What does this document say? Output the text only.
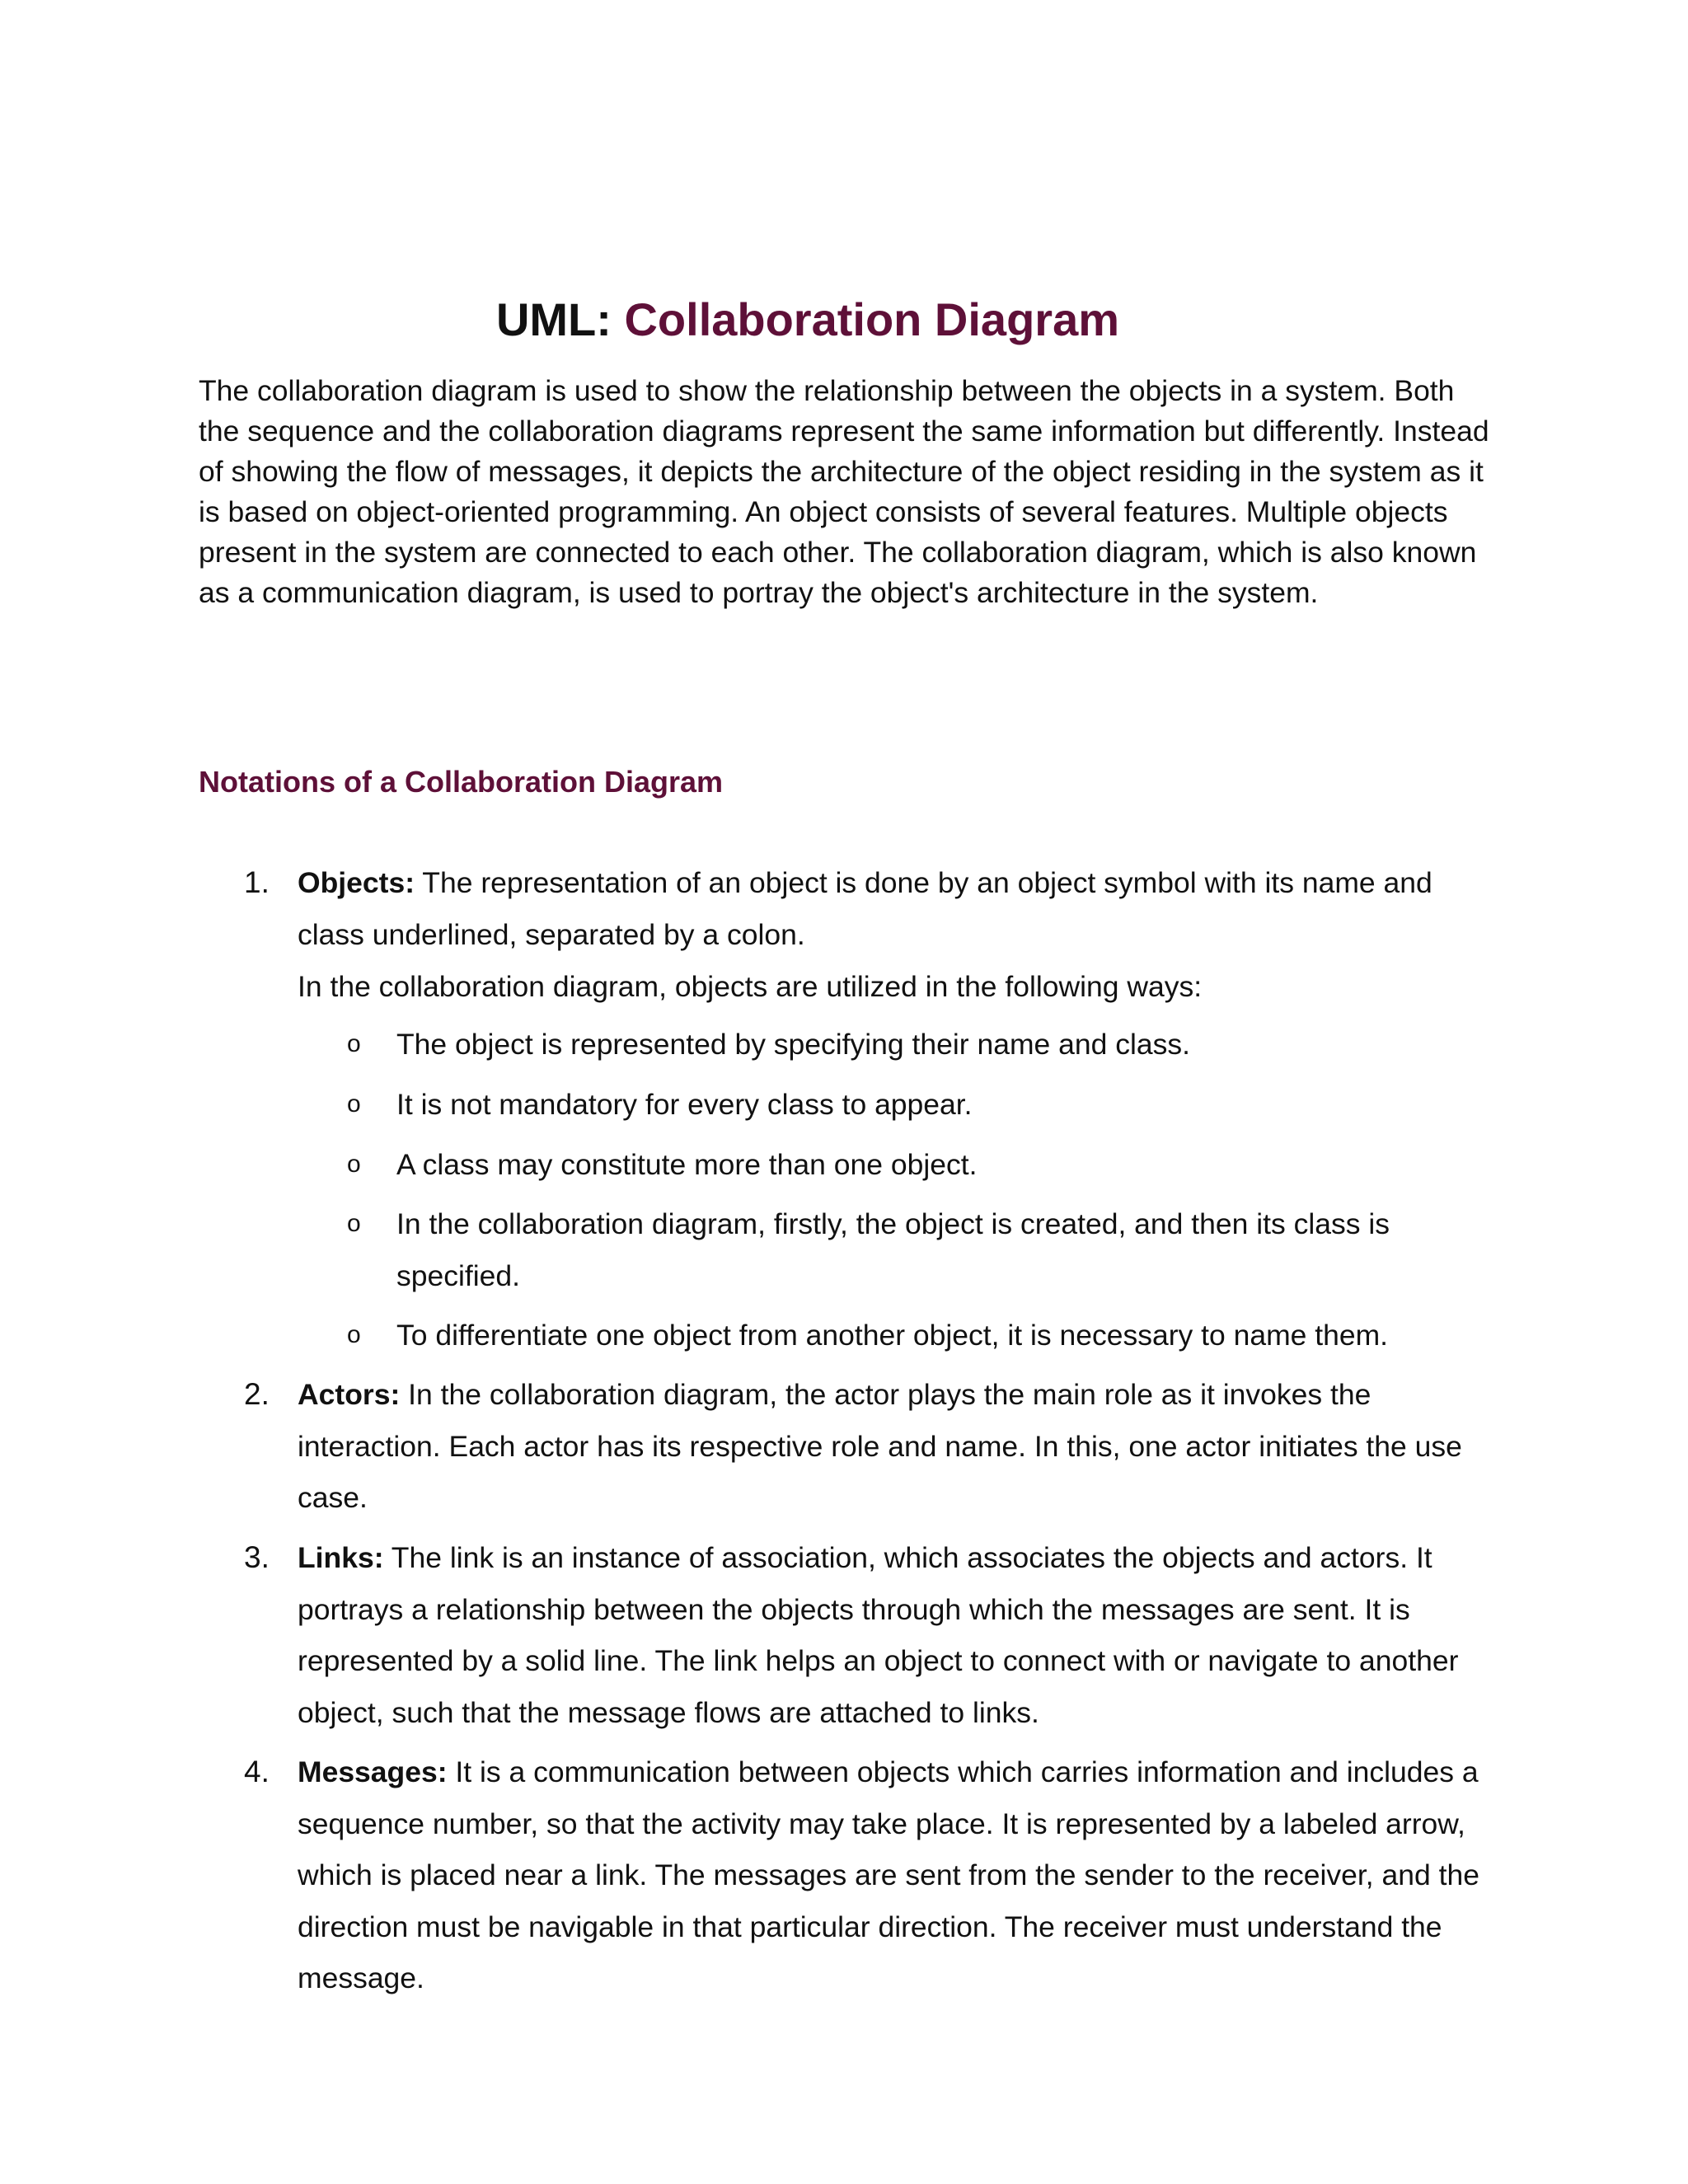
UML: Collaboration Diagram

The collaboration diagram is used to show the relationship between the objects in a system. Both the sequence and the collaboration diagrams represent the same information but differently. Instead of showing the flow of messages, it depicts the architecture of the object residing in the system as it is based on object-oriented programming. An object consists of several features. Multiple objects present in the system are connected to each other. The collaboration diagram, which is also known as a communication diagram, is used to portray the object's architecture in the system.

Notations of a Collaboration Diagram
1. Objects: The representation of an object is done by an object symbol with its name and class underlined, separated by a colon.
In the collaboration diagram, objects are utilized in the following ways:
o The object is represented by specifying their name and class.
o It is not mandatory for every class to appear.
o A class may constitute more than one object.
o In the collaboration diagram, firstly, the object is created, and then its class is specified.
o To differentiate one object from another object, it is necessary to name them.
2. Actors: In the collaboration diagram, the actor plays the main role as it invokes the interaction. Each actor has its respective role and name. In this, one actor initiates the use case.
3. Links: The link is an instance of association, which associates the objects and actors. It portrays a relationship between the objects through which the messages are sent. It is represented by a solid line. The link helps an object to connect with or navigate to another object, such that the message flows are attached to links.
4. Messages: It is a communication between objects which carries information and includes a sequence number, so that the activity may take place. It is represented by a labeled arrow, which is placed near a link. The messages are sent from the sender to the receiver, and the direction must be navigable in that particular direction. The receiver must understand the message.
